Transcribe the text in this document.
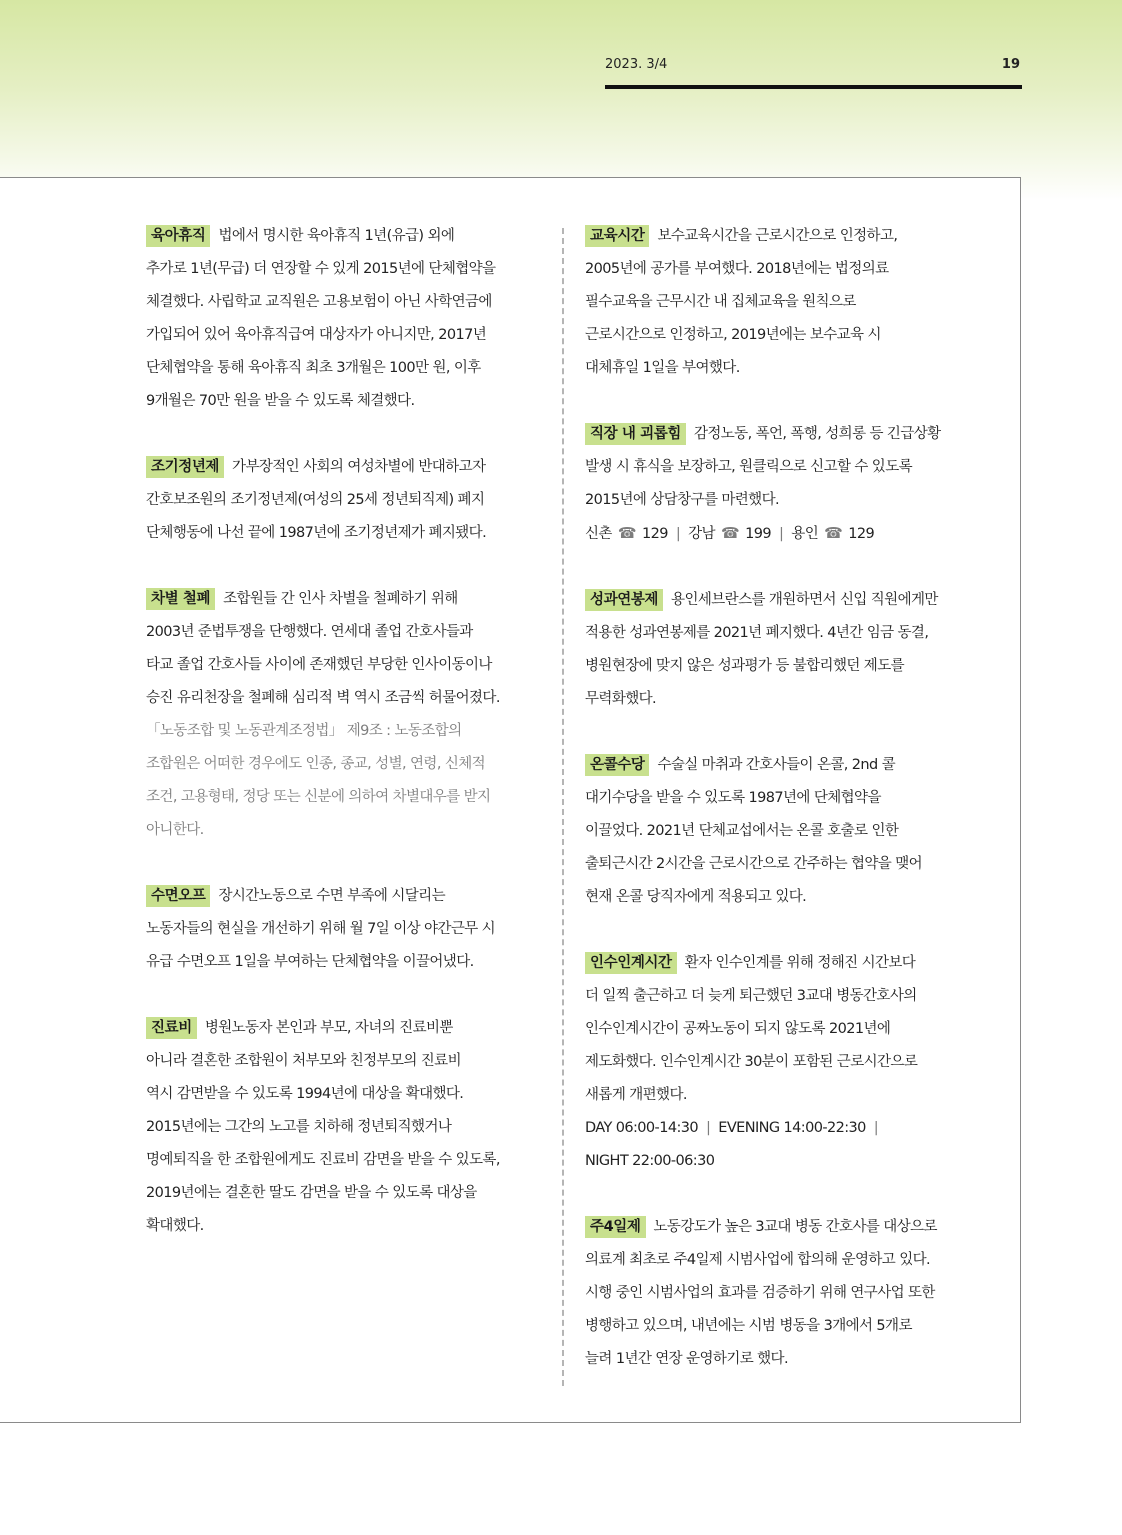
2023. 3/4	19

육아휴직 법에서 명시한 육아휴직 1년(유급) 외에

추가로 1년(무급) 더 연장할 수 있게 2015년에 단체협약을

체결했다. 사립학교 교직원은 고용보험이 아닌 사학연금에

가입되어 있어 육아휴직급여 대상자가 아니지만, 2017년

단체협약을 통해 육아휴직 최초 3개월은 100만 원, 이후

9개월은 70만 원을 받을 수 있도록 체결했다.

조기정년제 가부장적인 사회의 여성차별에 반대하고자

간호보조원의 조기정년제(여성의 25세 정년퇴직제) 폐지

단체행동에 나선 끝에 1987년에 조기정년제가 폐지됐다.

차별 철폐 조합원들 간 인사 차별을 철폐하기 위해

2003년 준법투쟁을 단행했다. 연세대 졸업 간호사들과

타교 졸업 간호사들 사이에 존재했던 부당한 인사이동이나

승진 유리천장을 철폐해 심리적 벽 역시 조금씩 허물어졌다.

「노동조합 및 노동관계조정법」 제9조 : 노동조합의

조합원은 어떠한 경우에도 인종, 종교, 성별, 연령, 신체적

조건, 고용형태, 정당 또는 신분에 의하여 차별대우를 받지

아니한다.

수면오프 장시간노동으로 수면 부족에 시달리는

노동자들의 현실을 개선하기 위해 월 7일 이상 야간근무 시

유급 수면오프 1일을 부여하는 단체협약을 이끌어냈다.

진료비 병원노동자 본인과 부모, 자녀의 진료비뿐

아니라 결혼한 조합원이 처부모와 친정부모의 진료비

역시 감면받을 수 있도록 1994년에 대상을 확대했다.

2015년에는 그간의 노고를 치하해 정년퇴직했거나

명예퇴직을 한 조합원에게도 진료비 감면을 받을 수 있도록,

2019년에는 결혼한 딸도 감면을 받을 수 있도록 대상을

확대했다.

교육시간 보수교육시간을 근로시간으로 인정하고,

2005년에 공가를 부여했다. 2018년에는 법정의료

필수교육을 근무시간 내 집체교육을 원칙으로

근로시간으로 인정하고, 2019년에는 보수교육 시

대체휴일 1일을 부여했다.

직장 내 괴롭힘 감정노동, 폭언, 폭행, 성희롱 등 긴급상황

발생 시 휴식을 보장하고, 원클릭으로 신고할 수 있도록

2015년에 상담창구를 마련했다.

신촌 ☎ 129 | 강남 ☎ 199 | 용인 ☎ 129

성과연봉제 용인세브란스를 개원하면서 신입 직원에게만

적용한 성과연봉제를 2021년 폐지했다. 4년간 임금 동결,

병원현장에 맞지 않은 성과평가 등 불합리했던 제도를

무력화했다.

온콜수당 수술실 마취과 간호사들이 온콜, 2nd 콜

대기수당을 받을 수 있도록 1987년에 단체협약을

이끌었다. 2021년 단체교섭에서는 온콜 호출로 인한

출퇴근시간 2시간을 근로시간으로 간주하는 협약을 맺어

현재 온콜 당직자에게 적용되고 있다.

인수인계시간 환자 인수인계를 위해 정해진 시간보다

더 일찍 출근하고 더 늦게 퇴근했던 3교대 병동간호사의

인수인계시간이 공짜노동이 되지 않도록 2021년에

제도화했다. 인수인계시간 30분이 포함된 근로시간으로

새롭게 개편했다.

DAY 06:00-14:30 | EVENING 14:00-22:30 |

NIGHT 22:00-06:30

주4일제 노동강도가 높은 3교대 병동 간호사를 대상으로

의료계 최초로 주4일제 시범사업에 합의해 운영하고 있다.

시행 중인 시범사업의 효과를 검증하기 위해 연구사업 또한

병행하고 있으며, 내년에는 시범 병동을 3개에서 5개로

늘려 1년간 연장 운영하기로 했다.
